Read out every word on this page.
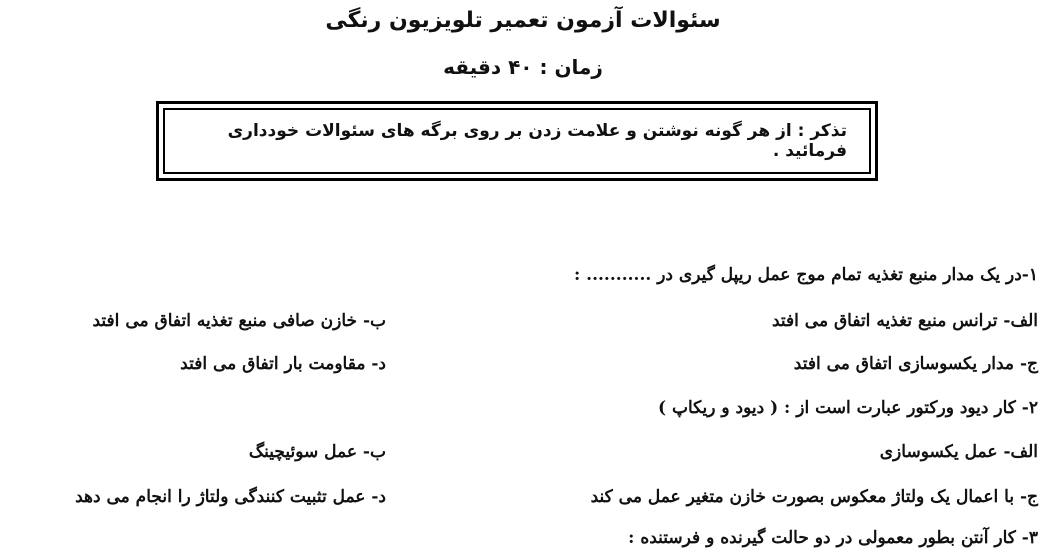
سئوالات آزمون تعمیر تلویزیون رنگی
زمان : ۴۰ دقیقه
تذکر : از هر گونه نوشتن و علامت زدن بر روی برگه های سئوالات خودداری فرمائید .
۱-در یک مدار منبع تغذیه تمام موج عمل ریپل گیری در ........... :
الف- ترانس منبع تغذیه اتفاق می افتد
ب- خازن صافی منبع تغذیه اتفاق می افتد
ج- مدار یکسوسازی اتفاق می افتد
د- مقاومت بار اتفاق می افتد
۲- کار دیود ورکتور عبارت است از : ( دیود و ریکاپ )
الف- عمل یکسوسازی
ب- عمل سوئیچینگ
ج- با اعمال یک ولتاژ معکوس بصورت خازن متغیر عمل می کند
د- عمل تثبیت کنندگی ولتاژ را انجام می دهد
۳- کار آنتن بطور معمولی در دو حالت گیرنده و فرستنده :
